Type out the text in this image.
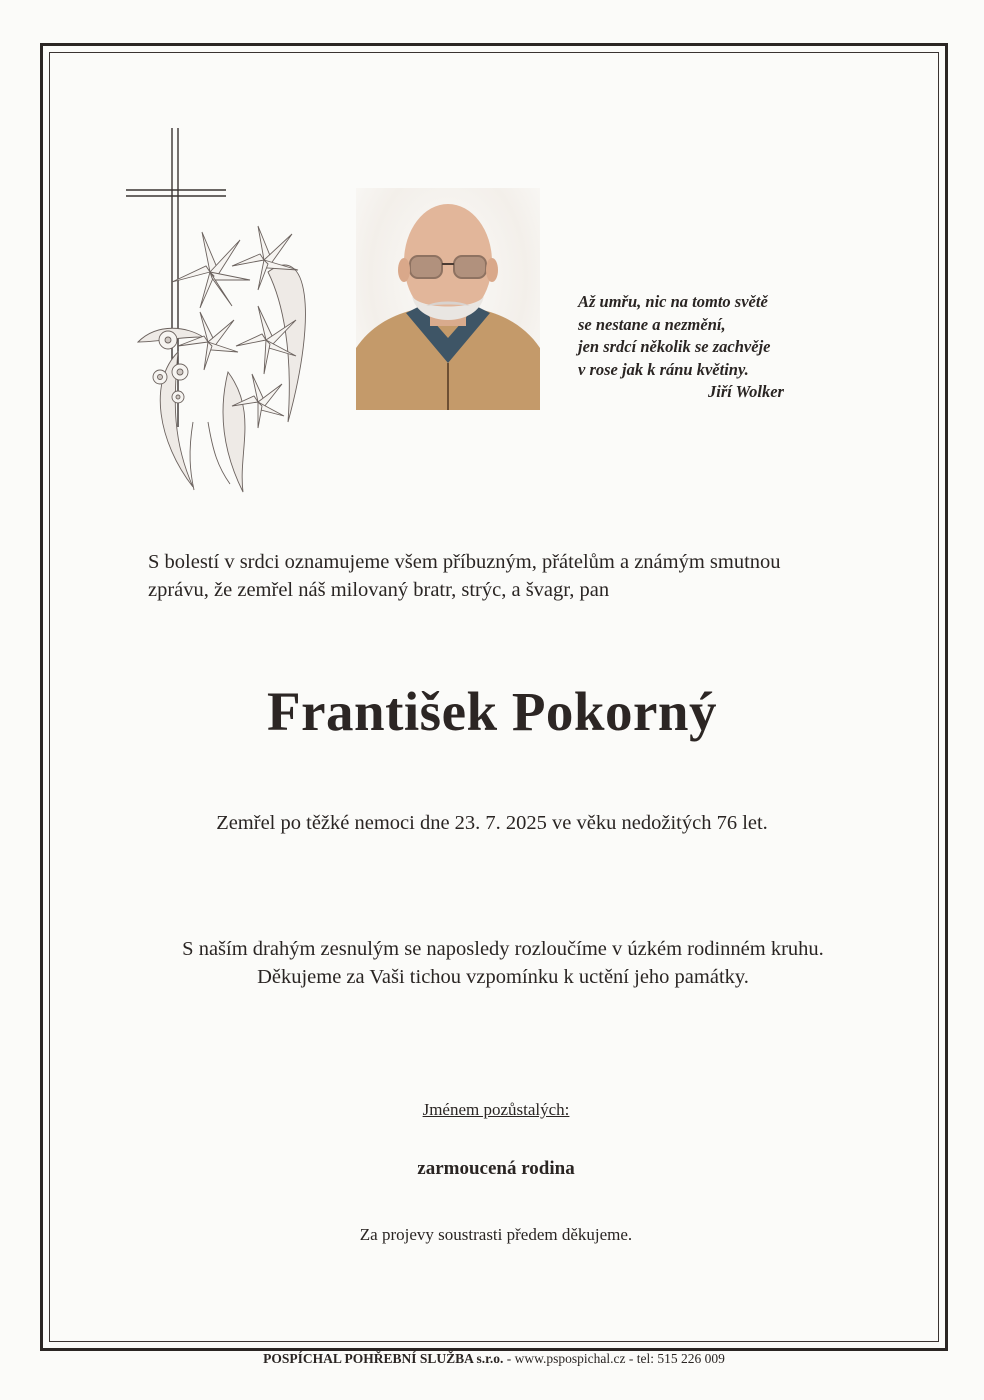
Až umřu, nic na tomto světě
se nestane a nezmění,
jen srdcí několik se zachvěje
v rose jak k ránu květiny.
Jiří Wolker
S bolestí v srdci oznamujeme všem příbuzným, přátelům a známým smutnou
zprávu, že zemřel náš milovaný bratr, strýc, a švagr, pan
František Pokorný
Zemřel po těžké nemoci dne 23. 7. 2025 ve věku nedožitých 76 let.
S naším drahým zesnulým se naposledy rozloučíme v úzkém rodinném kruhu.
Děkujeme za Vaši tichou vzpomínku k uctění jeho památky.
Jménem pozůstalých:
zarmoucená rodina
Za projevy soustrasti předem děkujeme.
POSPÍCHAL POHŘEBNÍ SLUŽBA s.r.o. - www.pspospichal.cz - tel: 515 226 009
